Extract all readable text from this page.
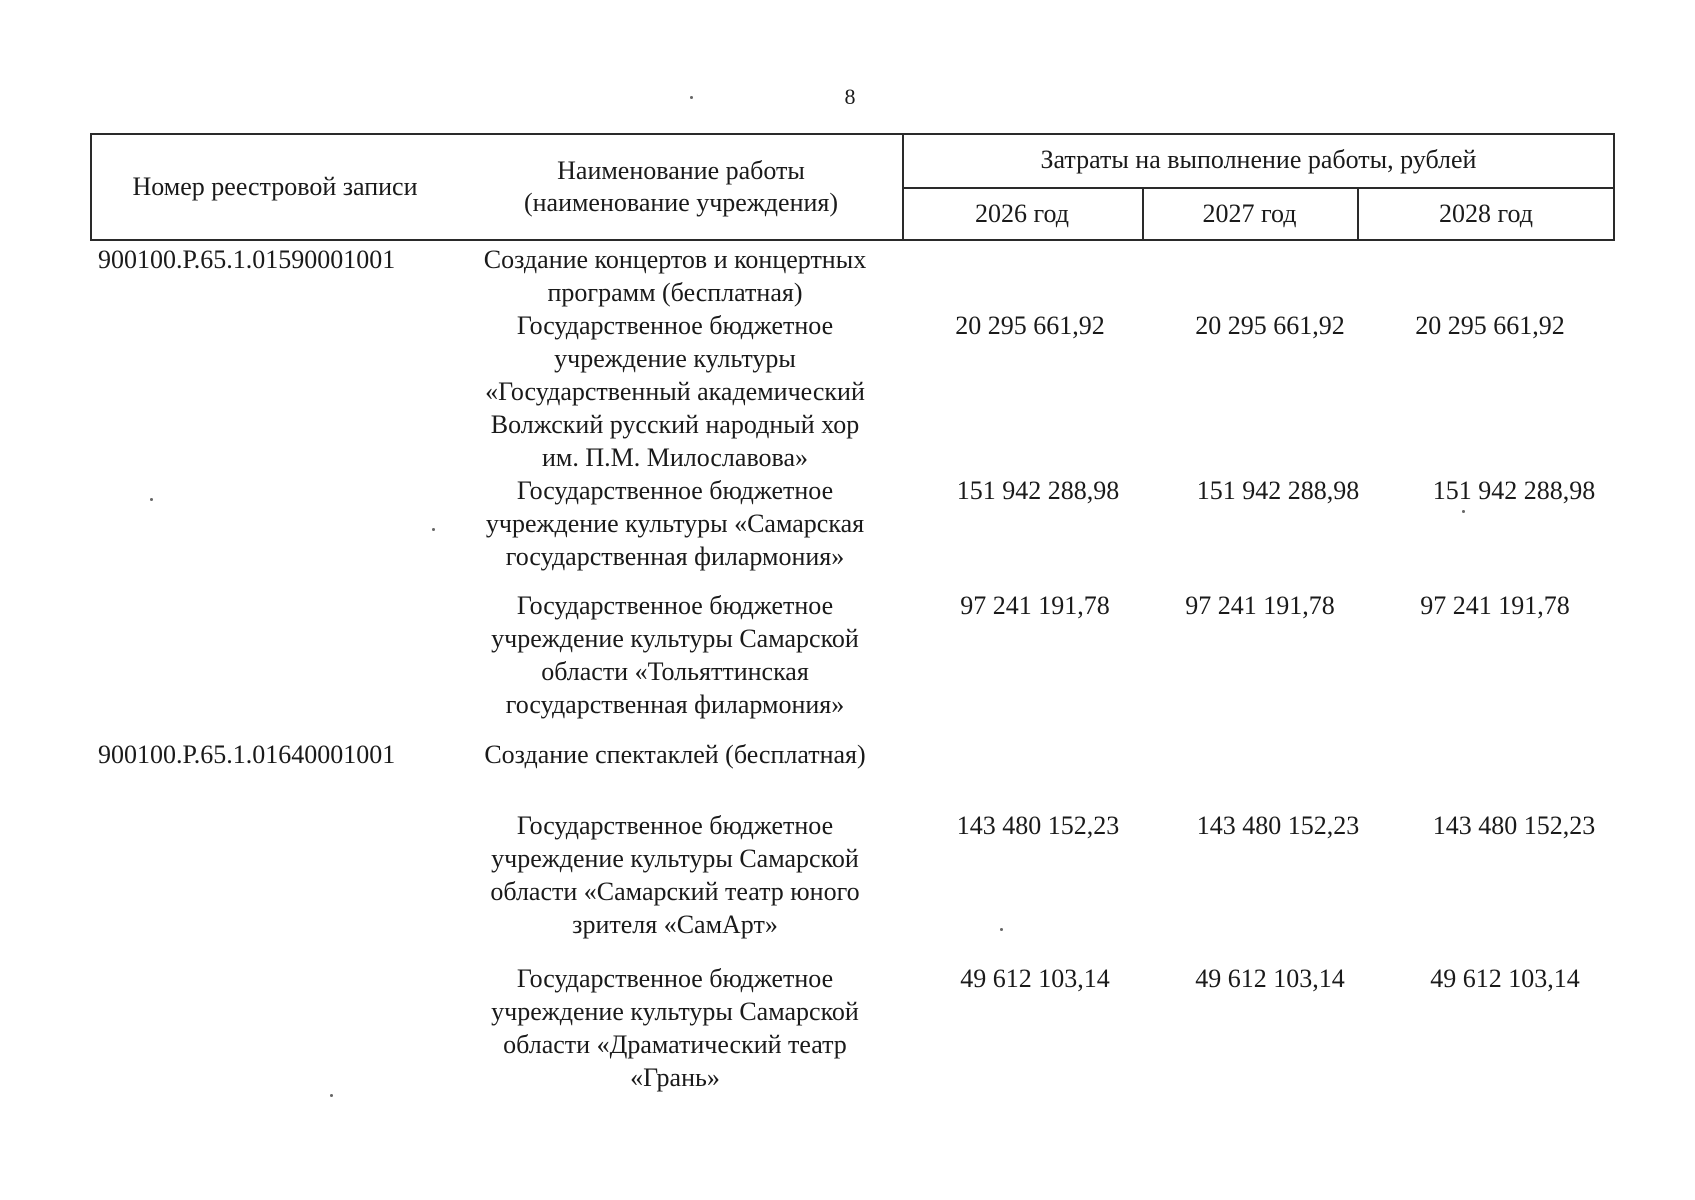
8
Номер реестровой записи
Наименование работы
(наименование учреждения)
Затраты на выполнение работы, рублей
2026 год	2027 год	2028 год
900100.Р.65.1.01590001001	Создание концертов и концертных
программ (бесплатная)
Государственное бюджетное
учреждение культуры
«Государственный академический
Волжский русский народный хор
им. П.М. Милославова»
20 295 661,92	20 295 661,92	20 295 661,92
Государственное бюджетное
учреждение культуры «Самарская
государственная филармония»
151 942 288,98	151 942 288,98	151 942 288,98
Государственное бюджетное
учреждение культуры Самарской
области «Тольяттинская
государственная филармония»
97 241 191,78	97 241 191,78	97 241 191,78
900100.Р.65.1.01640001001	Создание спектаклей (бесплатная)
Государственное бюджетное
учреждение культуры Самарской
области «Самарский театр юного
зрителя «СамАрт»
143 480 152,23	143 480 152,23	143 480 152,23
Государственное бюджетное
учреждение культуры Самарской
области «Драматический театр
«Грань»
49 612 103,14	49 612 103,14	49 612 103,14
